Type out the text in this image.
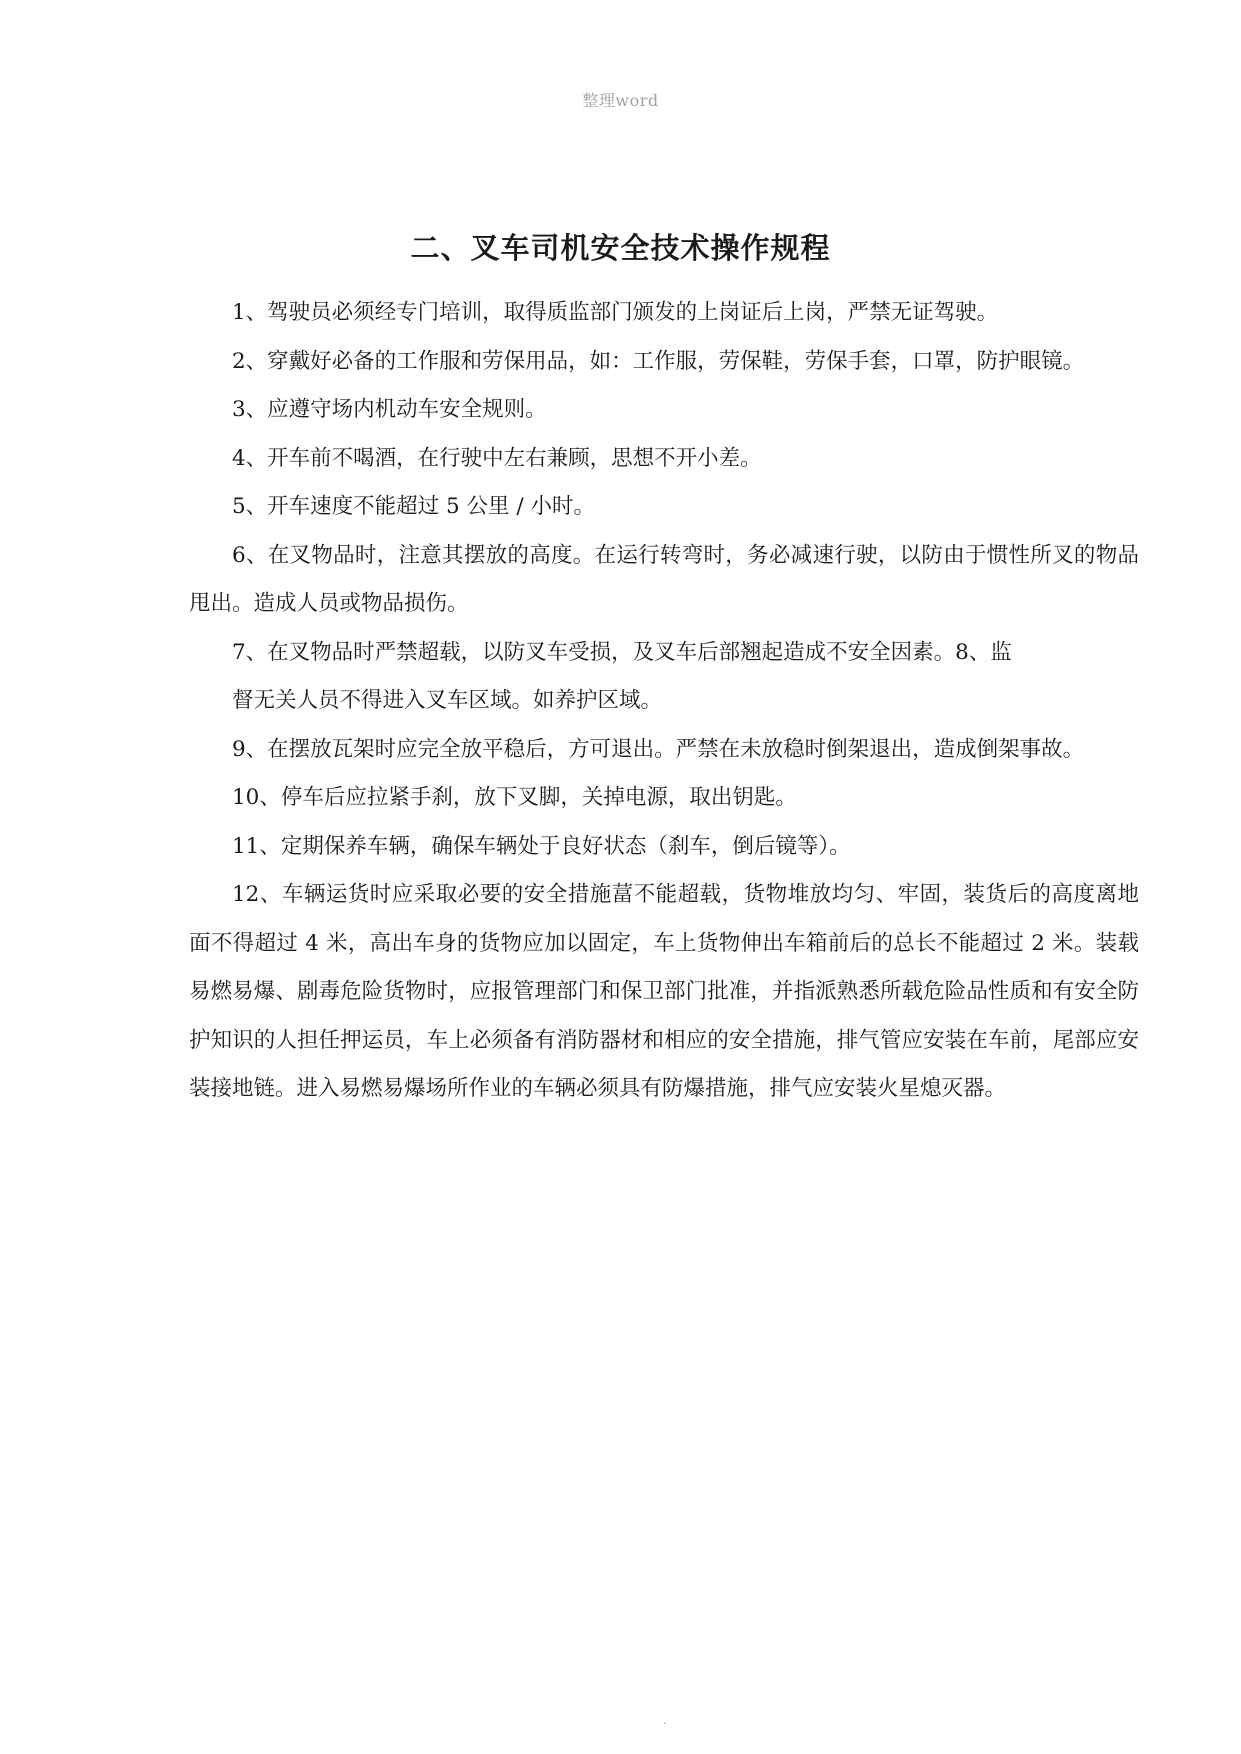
整理word
二、叉车司机安全技术操作规程

1、驾驶员必须经专门培训，取得质监部门颁发的上岗证后上岗，严禁无证驾驶。

2、穿戴好必备的工作服和劳保用品，如：工作服，劳保鞋，劳保手套，口罩，防护眼镜。

3、应遵守场内机动车安全规则。

4、开车前不喝酒，在行驶中左右兼顾，思想不开小差。

5、开车速度不能超过 5 公里 / 小时。

6、在叉物品时，注意其摆放的高度。在运行转弯时，务必减速行驶，以防由于惯性所叉的物品甩出。造成人员或物品损伤。

7、在叉物品时严禁超载，以防叉车受损，及叉车后部翘起造成不安全因素。8、监

督无关人员不得进入叉车区域。如养护区域。

9、在摆放瓦架时应完全放平稳后，方可退出。严禁在未放稳时倒架退出，造成倒架事故。

10、停车后应拉紧手刹，放下叉脚，关掉电源，取出钥匙。

11、定期保养车辆，确保车辆处于良好状态（刹车，倒后镜等）。

12、车辆运货时应采取必要的安全措施葍不能超载，货物堆放均匀、牢固，装货后的高度离地面不得超过 4 米，高出车身的货物应加以固定，车上货物伸出车箱前后的总长不能超过 2 米。装载易燃易爆、剧毒危险货物时，应报管理部门和保卫部门批准，并指派熟悉所载危险品性质和有安全防护知识的人担任押运员，车上必须备有消防器材和相应的安全措施，排气管应安装在车前，尾部应安装接地链。进入易燃易爆场所作业的车辆必须具有防爆措施，排气应安装火星熄灭器。

.
